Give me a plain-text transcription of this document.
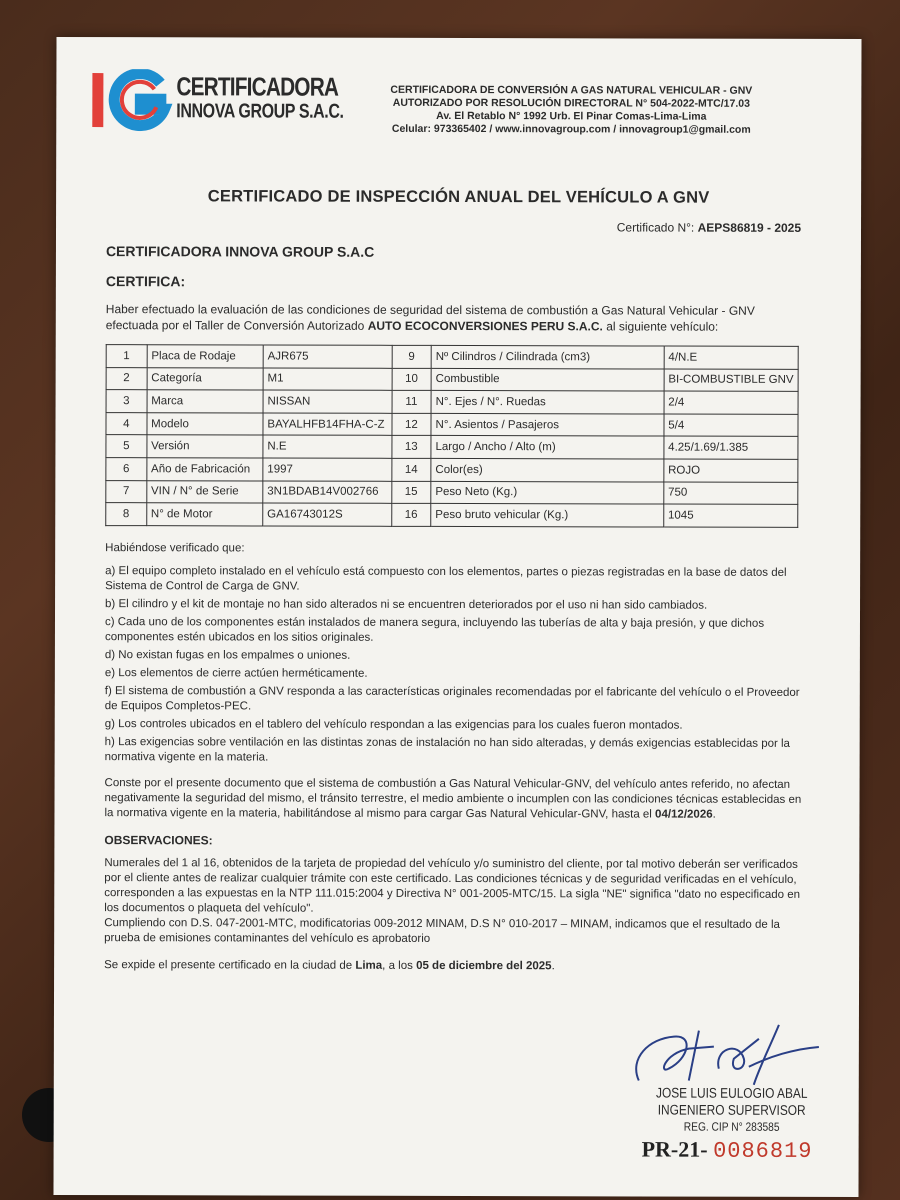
CERTIFICADORA
INNOVA GROUP S.A.C.
CERTIFICADORA DE CONVERSIÓN A GAS NATURAL VEHICULAR - GNV
AUTORIZADO POR RESOLUCIÓN DIRECTORAL N° 504-2022-MTC/17.03
Av. El Retablo N° 1992 Urb. El Pinar Comas-Lima-Lima
Celular: 973365402 / www.innovagroup.com / innovagroup1@gmail.com
CERTIFICADO DE INSPECCIÓN ANUAL DEL VEHÍCULO A GNV
Certificado N°: AEPS86819 - 2025
CERTIFICADORA INNOVA GROUP S.A.C
CERTIFICA:
Haber efectuado la evaluación de las condiciones de seguridad del sistema de combustión a Gas Natural Vehicular - GNV efectuada por el Taller de Conversión Autorizado AUTO ECOCONVERSIONES PERU S.A.C. al siguiente vehículo:
1	Placa de Rodaje	AJR675	9	Nº Cilindros / Cilindrada (cm3)	4/N.E
2	Categoría	M1	10	Combustible	BI-COMBUSTIBLE GNV
3	Marca	NISSAN	11	N°. Ejes / N°. Ruedas	2/4
4	Modelo	BAYALHFB14FHA-C-Z	12	N°. Asientos / Pasajeros	5/4
5	Versión	N.E	13	Largo / Ancho / Alto (m)	4.25/1.69/1.385
6	Año de Fabricación	1997	14	Color(es)	ROJO
7	VIN / N° de Serie	3N1BDAB14V002766	15	Peso Neto (Kg.)	750
8	N° de Motor	GA16743012S	16	Peso bruto vehicular (Kg.)	1045

Habiéndose verificado que:

a) El equipo completo instalado en el vehículo está compuesto con los elementos, partes o piezas registradas en la base de datos del Sistema de Control de Carga de GNV.

b) El cilindro y el kit de montaje no han sido alterados ni se encuentren deteriorados por el uso ni han sido cambiados.

c) Cada uno de los componentes están instalados de manera segura, incluyendo las tuberías de alta y baja presión, y que dichos componentes estén ubicados en los sitios originales.

d) No existan fugas en los empalmes o uniones.

e) Los elementos de cierre actúen herméticamente.

f) El sistema de combustión a GNV responda a las características originales recomendadas por el fabricante del vehículo o el Proveedor de Equipos Completos-PEC.

g) Los controles ubicados en el tablero del vehículo respondan a las exigencias para los cuales fueron montados.

h) Las exigencias sobre ventilación en las distintas zonas de instalación no han sido alteradas, y demás exigencias establecidas por la normativa vigente en la materia.

Conste por el presente documento que el sistema de combustión a Gas Natural Vehicular-GNV, del vehículo antes referido, no afectan negativamente la seguridad del mismo, el tránsito terrestre, el medio ambiente o incumplen con las condiciones técnicas establecidas en la normativa vigente en la materia, habilitándose al mismo para cargar Gas Natural Vehicular-GNV, hasta el 04/12/2026.

OBSERVACIONES:

Numerales del 1 al 16, obtenidos de la tarjeta de propiedad del vehículo y/o suministro del cliente, por tal motivo deberán ser verificados por el cliente antes de realizar cualquier trámite con este certificado. Las condiciones técnicas y de seguridad verificadas en el vehículo, corresponden a las expuestas en la NTP 111.015:2004 y Directiva N° 001-2005-MTC/15. La sigla "NE" significa "dato no especificado en los documentos o plaqueta del vehículo".

Cumpliendo con D.S. 047-2001-MTC, modificatorias 009-2012 MINAM, D.S N° 010-2017 – MINAM, indicamos que el resultado de la prueba de emisiones contaminantes del vehículo es aprobatorio

Se expide el presente certificado en la ciudad de Lima, a los 05 de diciembre del 2025.

JOSE LUIS EULOGIO ABAL
INGENIERO SUPERVISOR
REG. CIP N° 283585
PR-21- 0086819
